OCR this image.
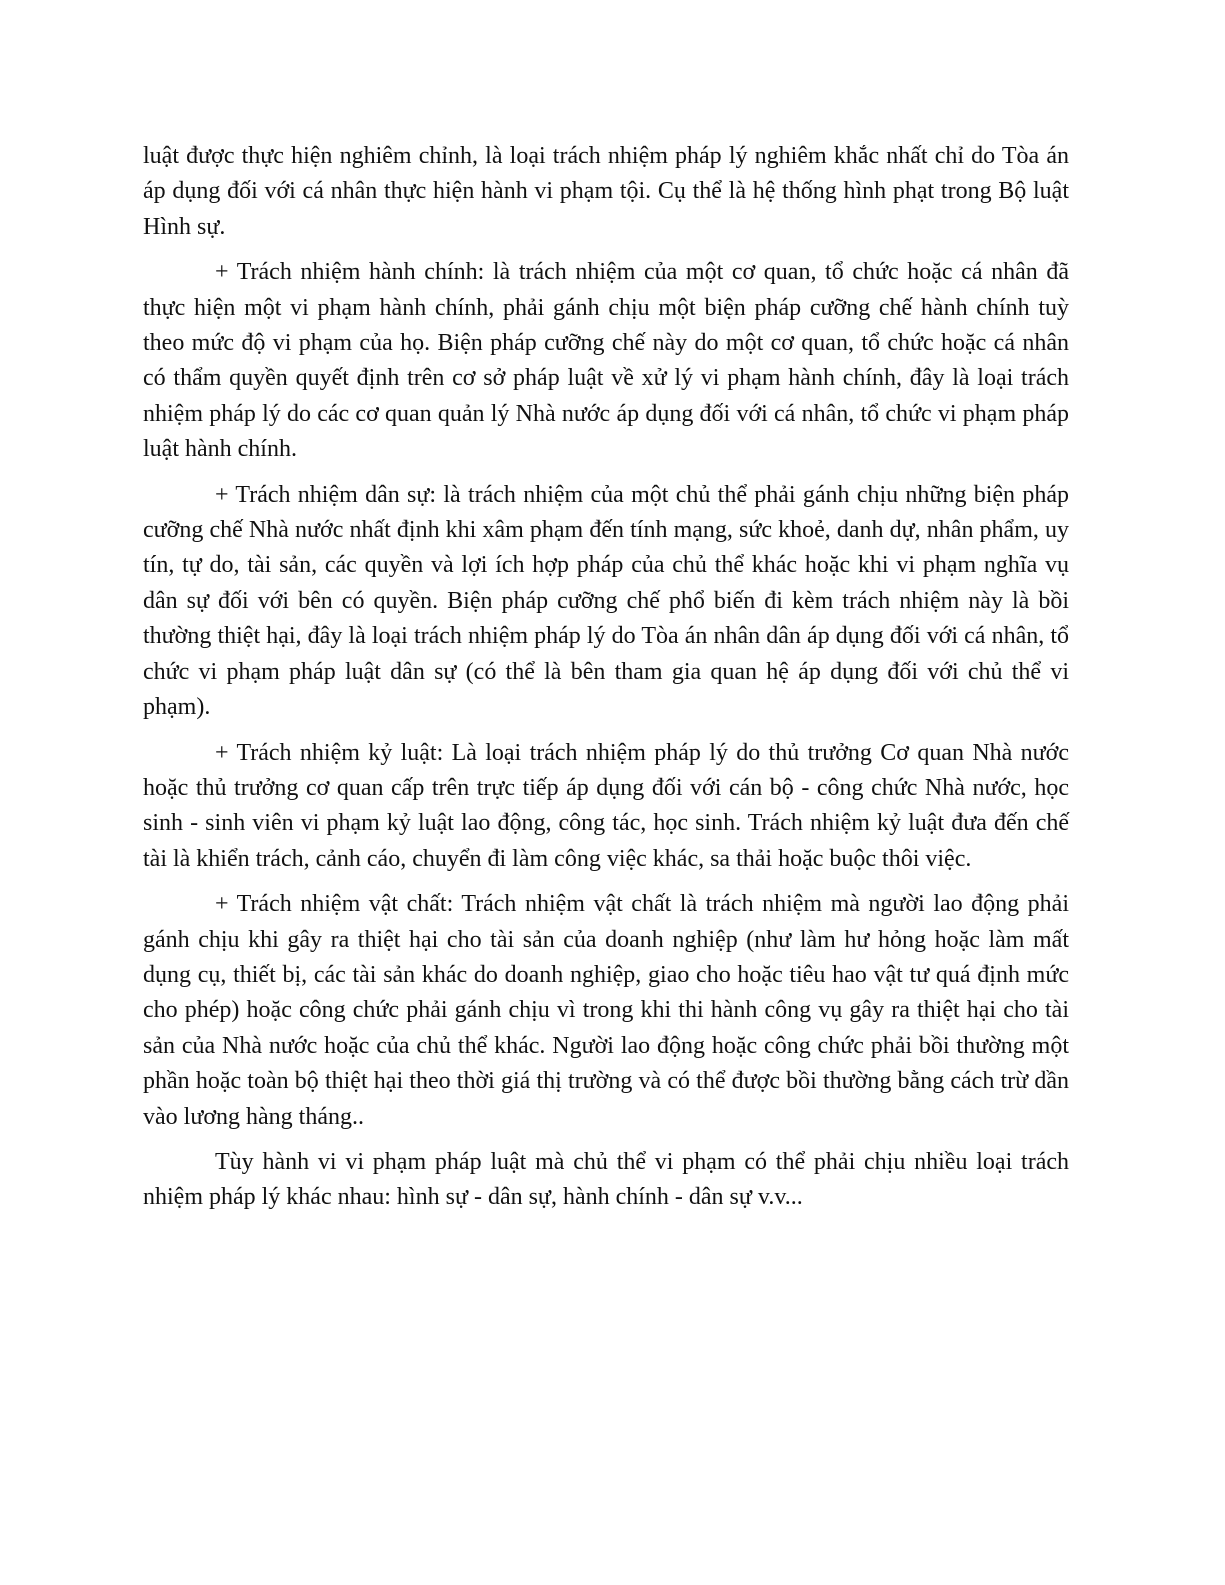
luật được thực hiện nghiêm chỉnh, là loại trách nhiệm pháp lý nghiêm khắc nhất chỉ do Tòa án áp dụng đối với cá nhân thực hiện hành vi phạm tội. Cụ thể là hệ thống hình phạt trong Bộ luật Hình sự.

+ Trách nhiệm hành chính: là trách nhiệm của một cơ quan, tổ chức hoặc cá nhân đã thực hiện một vi phạm hành chính, phải gánh chịu một biện pháp cưỡng chế hành chính tuỳ theo mức độ vi phạm của họ. Biện pháp cưỡng chế này do một cơ quan, tổ chức hoặc cá nhân có thẩm quyền quyết định trên cơ sở pháp luật về xử lý vi phạm hành chính, đây là loại trách nhiệm pháp lý do các cơ quan quản lý Nhà nước áp dụng đối với cá nhân, tổ chức vi phạm pháp luật hành chính.

+ Trách nhiệm dân sự: là trách nhiệm của một chủ thể phải gánh chịu những biện pháp cưỡng chế Nhà nước nhất định khi xâm phạm đến tính mạng, sức khoẻ, danh dự, nhân phẩm, uy tín, tự do, tài sản, các quyền và lợi ích hợp pháp của chủ thể khác hoặc khi vi phạm nghĩa vụ dân sự đối với bên có quyền. Biện pháp cưỡng chế phổ biến đi kèm trách nhiệm này là bồi thường thiệt hại, đây là loại trách nhiệm pháp lý do Tòa án nhân dân áp dụng đối với cá nhân, tổ chức vi phạm pháp luật dân sự (có thể là bên tham gia quan hệ áp dụng đối với chủ thể vi phạm).

+ Trách nhiệm kỷ luật: Là loại trách nhiệm pháp lý do thủ trưởng Cơ quan Nhà nước hoặc thủ trưởng cơ quan cấp trên trực tiếp áp dụng đối với cán bộ - công chức Nhà nước, học sinh - sinh viên vi phạm kỷ luật lao động, công tác, học sinh. Trách nhiệm kỷ luật đưa đến chế tài là khiển trách, cảnh cáo, chuyển đi làm công việc khác, sa thải hoặc buộc thôi việc.

+ Trách nhiệm vật chất: Trách nhiệm vật chất là trách nhiệm mà người lao động phải gánh chịu khi gây ra thiệt hại cho tài sản của doanh nghiệp (như làm hư hỏng hoặc làm mất dụng cụ, thiết bị, các tài sản khác do doanh nghiệp, giao cho hoặc tiêu hao vật tư quá định mức cho phép) hoặc công chức phải gánh chịu vì trong khi thi hành công vụ gây ra thiệt hại cho tài sản của Nhà nước hoặc của chủ thể khác. Người lao động hoặc công chức phải bồi thường một phần hoặc toàn bộ thiệt hại theo thời giá thị trường và có thể được bồi thường bằng cách trừ dần vào lương hàng tháng..

Tùy hành vi vi phạm pháp luật mà chủ thể vi phạm có thể phải chịu nhiều loại trách nhiệm pháp lý khác nhau: hình sự - dân sự, hành chính - dân sự v.v...
